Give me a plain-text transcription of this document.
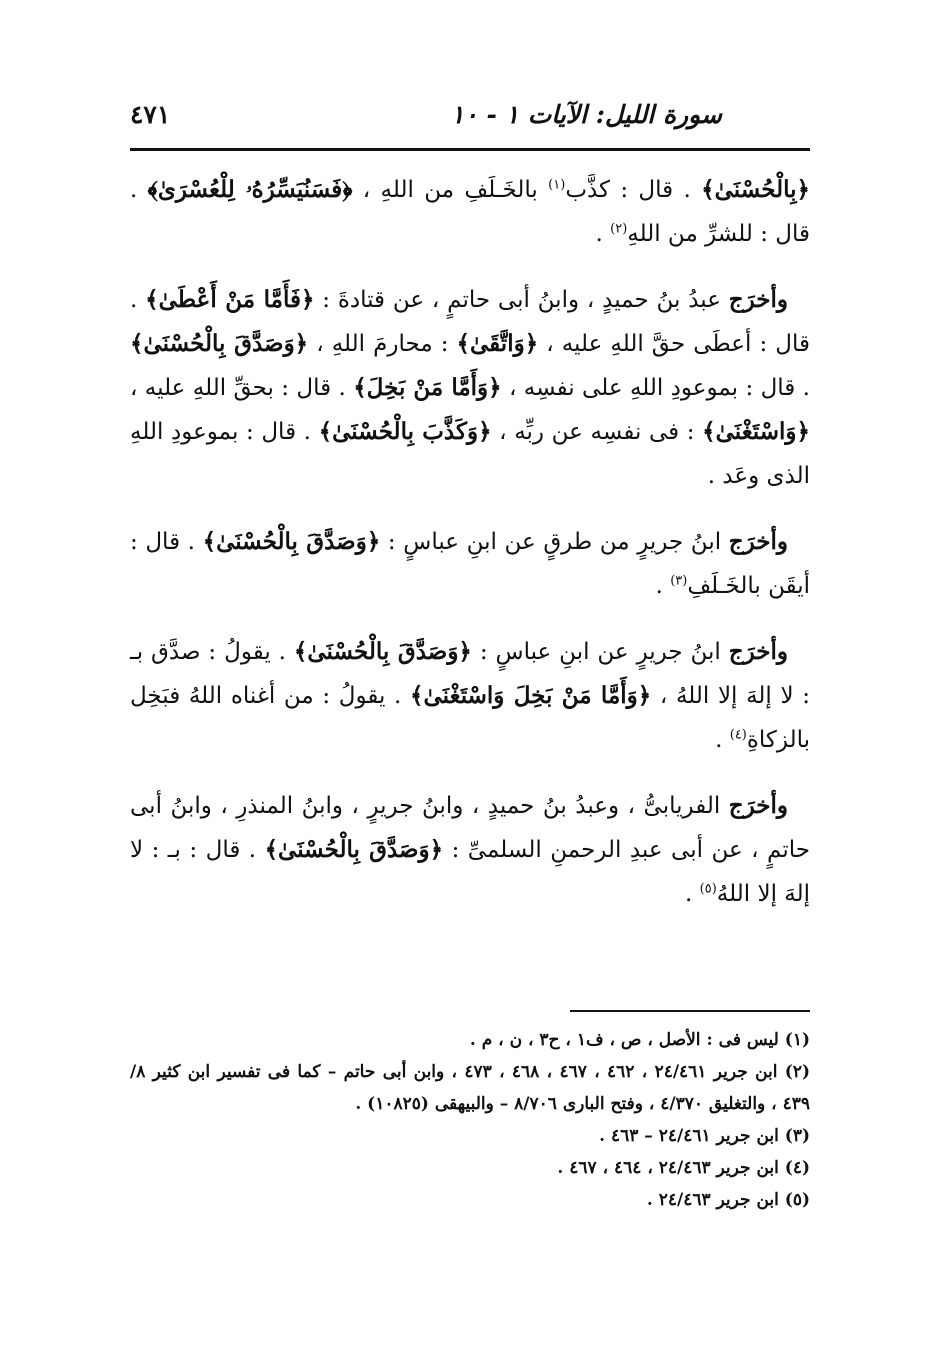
سورة الليل: الآيات ١ - ١٠
٤٧١

﴿بِالْحُسْنَىٰ﴾ . قال : كذَّب$^{(١)}$ بالخَـلَفِ من اللهِ ، ﴿فَسَنُيَسِّرُهُۥ لِلْعُسْرَىٰ﴾ . قال : للشرِّ من اللهِ$^{(٢)}$ .

وأخرَج عبدُ بنُ حميدٍ ، وابنُ أبى حاتمٍ ، عن قتادةَ : ﴿فَأَمَّا مَنْ أَعْطَىٰ﴾ . قال : أعطَى حقَّ اللهِ عليه ، ﴿وَاتَّقَىٰ﴾ : محارمَ اللهِ ، ﴿وَصَدَّقَ بِالْحُسْنَىٰ﴾ . قال : بموعودِ اللهِ على نفسِه ، ﴿وَأَمَّا مَنْ بَخِلَ﴾ . قال : بحقِّ اللهِ عليه ، ﴿وَاسْتَغْنَىٰ﴾ : فى نفسِه عن ربِّه ، ﴿وَكَذَّبَ بِالْحُسْنَىٰ﴾ . قال : بموعودِ اللهِ الذى وعَد .

وأخرَج ابنُ جريرٍ من طرقٍ عن ابنِ عباسٍ : ﴿وَصَدَّقَ بِالْحُسْنَىٰ﴾ . قال : أيقَن بالخَـلَفِ$^{(٣)}$ .

وأخرَج ابنُ جريرٍ عن ابنِ عباسٍ : ﴿وَصَدَّقَ بِالْحُسْنَىٰ﴾ . يقولُ : صدَّق بـ : لا إلهَ إلا اللهُ ، ﴿وَأَمَّا مَنْ بَخِلَ وَاسْتَغْنَىٰ﴾ . يقولُ : من أغناه اللهُ فبَخِل بالزكاةِ$^{(٤)}$ .

وأخرَج الفريابىُّ ، وعبدُ بنُ حميدٍ ، وابنُ جريرٍ ، وابنُ المنذرِ ، وابنُ أبى حاتمٍ ، عن أبى عبدِ الرحمنِ السلمىِّ : ﴿وَصَدَّقَ بِالْحُسْنَىٰ﴾ . قال : بـ : لا إلهَ إلا اللهُ$^{(٥)}$ .

(١) ليس فى : الأصل ، ص ، ف١ ، ح٣ ، ن ، م .

(٢) ابن جرير ٢٤/٤٦١ ، ٤٦٢ ، ٤٦٧ ، ٤٦٨ ، ٤٧٣ ، وابن أبى حاتم – كما فى تفسير ابن كثير ٨/ ٤٣٩ ، والتغليق ٤/٣٧٠ ، وفتح البارى ٨/٧٠٦ – والبيهقى (١٠٨٢٥) .

(٣) ابن جرير ٢٤/٤٦١ – ٤٦٣ .

(٤) ابن جرير ٢٤/٤٦٣ ، ٤٦٤ ، ٤٦٧ .

(٥) ابن جرير ٢٤/٤٦٣ .
